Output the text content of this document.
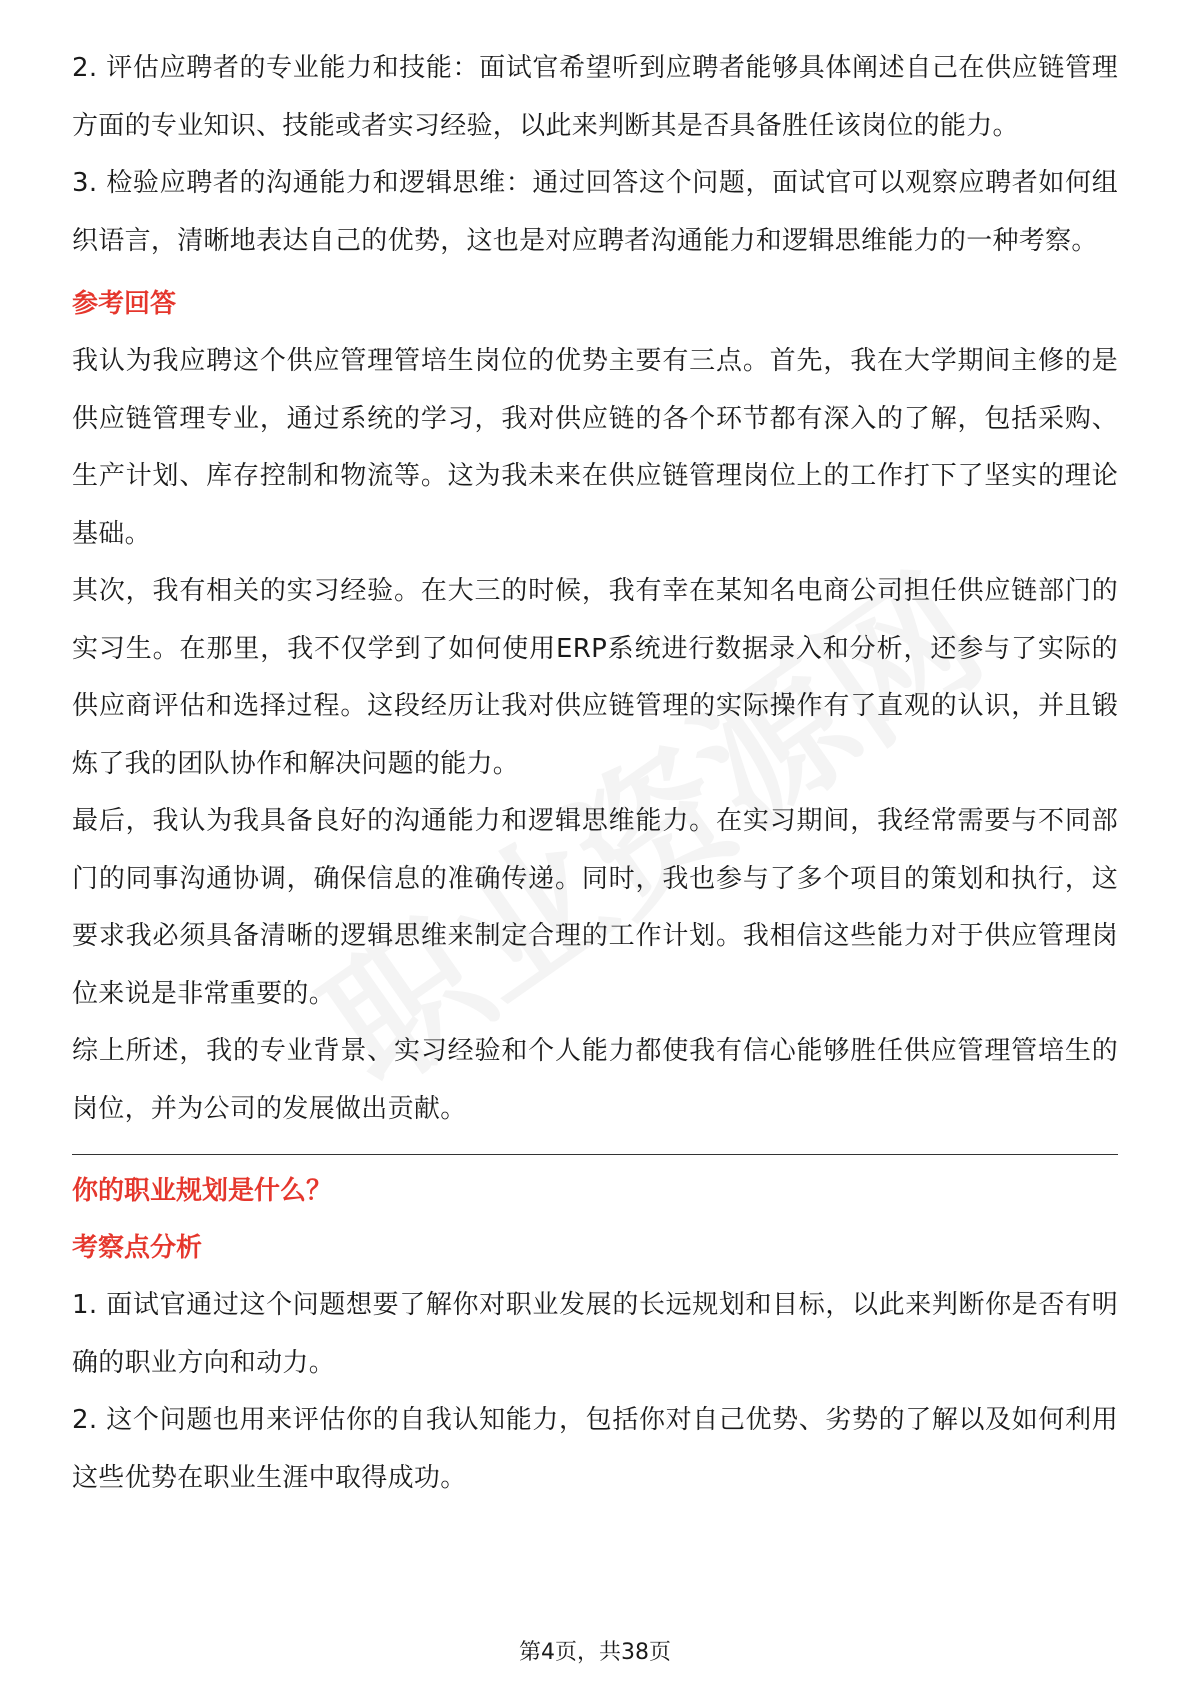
2. 评估应聘者的专业能力和技能：面试官希望听到应聘者能够具体阐述自己在供应链管理方面的专业知识、技能或者实习经验，以此来判断其是否具备胜任该岗位的能力。

3. 检验应聘者的沟通能力和逻辑思维：通过回答这个问题，面试官可以观察应聘者如何组织语言，清晰地表达自己的优势，这也是对应聘者沟通能力和逻辑思维能力的一种考察。

参考回答

我认为我应聘这个供应管理管培生岗位的优势主要有三点。首先，我在大学期间主修的是供应链管理专业，通过系统的学习，我对供应链的各个环节都有深入的了解，包括采购、生产计划、库存控制和物流等。这为我未来在供应链管理岗位上的工作打下了坚实的理论基础。

其次，我有相关的实习经验。在大三的时候，我有幸在某知名电商公司担任供应链部门的实习生。在那里，我不仅学到了如何使用ERP系统进行数据录入和分析，还参与了实际的供应商评估和选择过程。这段经历让我对供应链管理的实际操作有了直观的认识，并且锻炼了我的团队协作和解决问题的能力。

最后，我认为我具备良好的沟通能力和逻辑思维能力。在实习期间，我经常需要与不同部门的同事沟通协调，确保信息的准确传递。同时，我也参与了多个项目的策划和执行，这要求我必须具备清晰的逻辑思维来制定合理的工作计划。我相信这些能力对于供应管理岗位来说是非常重要的。

综上所述，我的专业背景、实习经验和个人能力都使我有信心能够胜任供应管理管培生的岗位，并为公司的发展做出贡献。

你的职业规划是什么？

考察点分析

1. 面试官通过这个问题想要了解你对职业发展的长远规划和目标，以此来判断你是否有明确的职业方向和动力。

2. 这个问题也用来评估你的自我认知能力，包括你对自己优势、劣势的了解以及如何利用这些优势在职业生涯中取得成功。

第4页，共38页
